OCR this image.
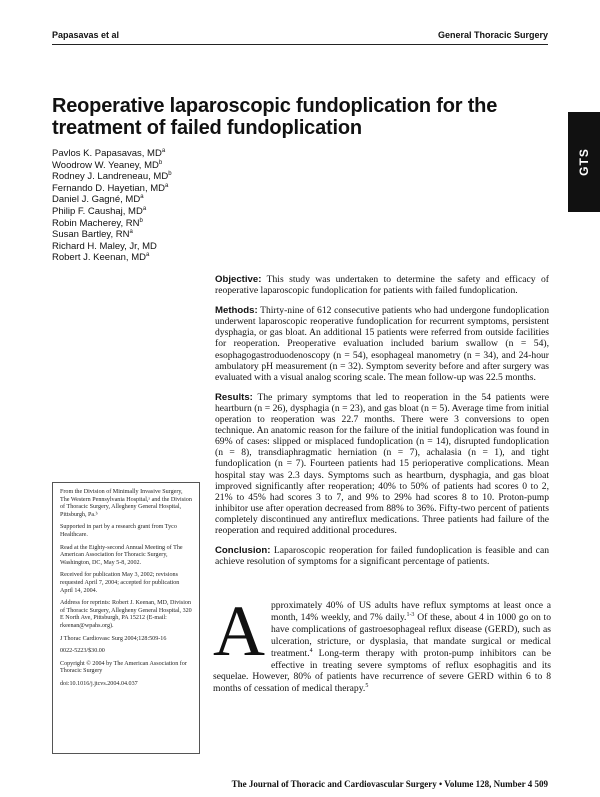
Papasavas et al	General Thoracic Surgery
GTS
Reoperative laparoscopic fundoplication for the treatment of failed fundoplication
Pavlos K. Papasavas, $MD^a$
Woodrow W. Yeaney, $MD^b$
Rodney J. Landreneau, $MD^b$
Fernando D. Hayetian, $MD^a$
Daniel J. Gagné, $MD^a$
Philip F. Caushaj, $MD^a$
Robin Macherey, $RN^b$
Susan Bartley, $RN^a$
Richard H. Maley, Jr, MD
Robert J. Keenan, $MD^a$

Objective: This study was undertaken to determine the safety and efficacy of reoperative laparoscopic fundoplication for patients with failed fundoplication.

Methods: Thirty-nine of 612 consecutive patients who had undergone fundoplication underwent laparoscopic reoperative fundoplication for recurrent symptoms, persistent dysphagia, or gas bloat. An additional 15 patients were referred from outside facilities for reoperation. Preoperative evaluation included barium swallow (n = 54), esophagogastroduodenoscopy (n = 54), esophageal manometry (n = 34), and 24-hour ambulatory pH measurement (n = 32). Symptom severity before and after surgery was evaluated with a visual analog scoring scale. The mean follow-up was 22.5 months.

Results: The primary symptoms that led to reoperation in the 54 patients were heartburn (n = 26), dysphagia (n = 23), and gas bloat (n = 5). Average time from initial operation to reoperation was 22.7 months. There were 3 conversions to open technique. An anatomic reason for the failure of the initial fundoplication was found in 69% of cases: slipped or misplaced fundoplication (n = 14), disrupted fundoplication (n = 8), transdiaphragmatic herniation (n = 7), achalasia (n = 1), and tight fundoplication (n = 7). Fourteen patients had 15 perioperative complications. Mean hospital stay was 2.3 days. Symptoms such as heartburn, dysphagia, and gas bloat improved significantly after reoperation; 40% to 50% of patients had scores 0 to 2, 21% to 45% had scores 3 to 7, and 9% to 29% had scores 8 to 10. Proton-pump inhibitor use after operation decreased from 88% to 36%. Fifty-two percent of patients completely discontinued any antireflux medications. Three patients had failure of the reoperation and required additional procedures.

Conclusion: Laparoscopic reoperation for failed fundoplication is feasible and can achieve resolution of symptoms for a significant percentage of patients.

From the Division of Minimally Invasive Surgery, The Western Pennsylvania Hospital,ᵃ and the Division of Thoracic Surgery, Allegheny General Hospital, Pittsburgh, Pa.ᵇ

Supported in part by a research grant from Tyco Healthcare.

Read at the Eighty-second Annual Meeting of The American Association for Thoracic Surgery, Washington, DC, May 5-8, 2002.

Received for publication May 3, 2002; revisions requested April 7, 2004; accepted for publication April 14, 2004.

Address for reprints: Robert J. Keenan, MD, Division of Thoracic Surgery, Allegheny General Hospital, 320 E North Ave, Pittsburgh, PA 15212 (E-mail: rkeenan@wpahs.org).

J Thorac Cardiovasc Surg 2004;128:509-16

0022-5223/$30.00

Copyright © 2004 by The American Association for Thoracic Surgery

doi:10.1016/j.jtcvs.2004.04.037

Approximately 40% of US adults have reflux symptoms at least once a month, 14% weekly, and 7% daily.$^{1-3}$ Of these, about 4 in 1000 go on to have complications of gastroesophageal reflux disease (GERD), such as ulceration, stricture, or dysplasia, that mandate surgical or medical treatment.$^4$ Long-term therapy with proton-pump inhibitors can be effective in treating severe symptoms of reflux esophagitis and its sequelae. However, 80% of patients have recurrence of severe GERD within 6 to 8 months of cessation of medical therapy.$^5$
The Journal of Thoracic and Cardiovascular Surgery • Volume 128, Number 4 509
